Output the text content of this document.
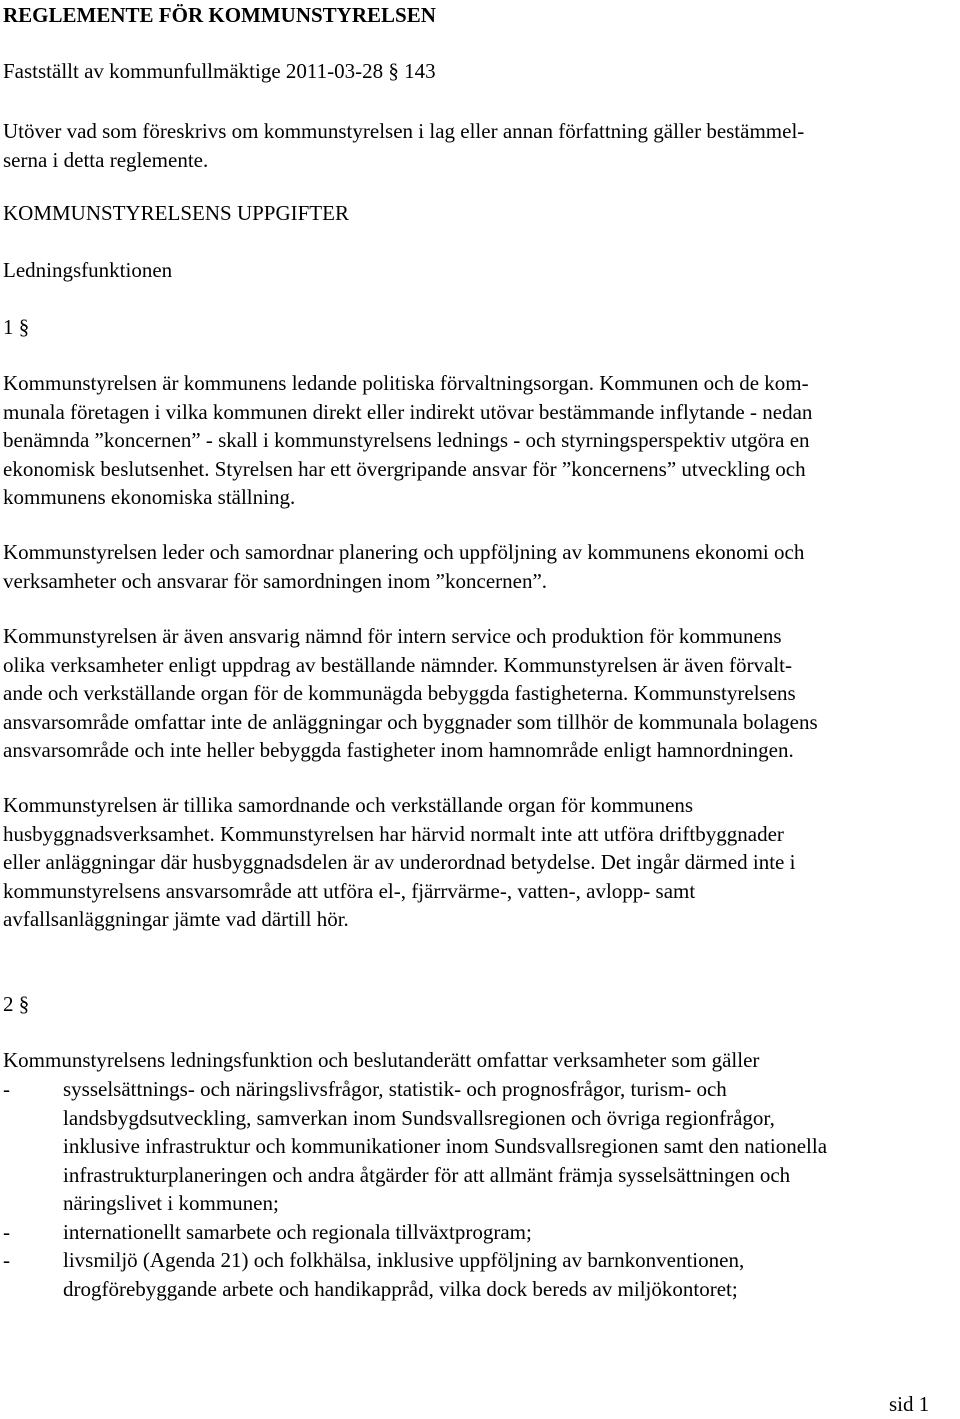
REGLEMENTE FÖR KOMMUNSTYRELSEN

Fastställt av kommunfullmäktige 2011-03-28 § 143

Utöver vad som föreskrivs om kommunstyrelsen i lag eller annan författning gäller bestämmel-
serna i detta reglemente.

KOMMUNSTYRELSENS UPPGIFTER

Ledningsfunktionen

1 §

Kommunstyrelsen är kommunens ledande politiska förvaltningsorgan. Kommunen och de kom-
munala företagen i vilka kommunen direkt eller indirekt utövar bestämmande inflytande - nedan
benämnda ”koncernen” - skall i kommunstyrelsens lednings - och styrningsperspektiv utgöra en
ekonomisk beslutsenhet. Styrelsen har ett övergripande ansvar för ”koncernens” utveckling och
kommunens ekonomiska ställning.
Kommunstyrelsen leder och samordnar planering och uppföljning av kommunens ekonomi och
verksamheter och ansvarar för samordningen inom ”koncernen”.
Kommunstyrelsen är även ansvarig nämnd för intern service och produktion för kommunens
olika verksamheter enligt uppdrag av beställande nämnder. Kommunstyrelsen är även förvalt-
ande och verkställande organ för de kommunägda bebyggda fastigheterna. Kommunstyrelsens
ansvarsområde omfattar inte de anläggningar och byggnader som tillhör de kommunala bolagens
ansvarsområde och inte heller bebyggda fastigheter inom hamnområde enligt hamnordningen.
Kommunstyrelsen är tillika samordnande och verkställande organ för kommunens
husbyggnadsverksamhet. Kommunstyrelsen har härvid normalt inte att utföra driftbyggnader
eller anläggningar där husbyggnadsdelen är av underordnad betydelse. Det ingår därmed inte i
kommunstyrelsens ansvarsområde att utföra el-, fjärrvärme-, vatten-, avlopp- samt
avfallsanläggningar jämte vad därtill hör.

2 §

Kommunstyrelsens ledningsfunktion och beslutanderätt omfattar verksamheter som gäller

-	sysselsättnings- och näringslivsfrågor, statistik- och prognosfrågor, turism- och
landsbygdsutveckling, samverkan inom Sundsvallsregionen och övriga regionfrågor,
inklusive infrastruktur och kommunikationer inom Sundsvallsregionen samt den nationella
infrastrukturplaneringen och andra åtgärder för att allmänt främja sysselsättningen och
näringslivet i kommunen;
-	internationellt samarbete och regionala tillväxtprogram;
-	livsmiljö (Agenda 21) och folkhälsa, inklusive uppföljning av barnkonventionen,
drogförebyggande arbete och handikappråd, vilka dock bereds av miljökontoret;
sid 1
